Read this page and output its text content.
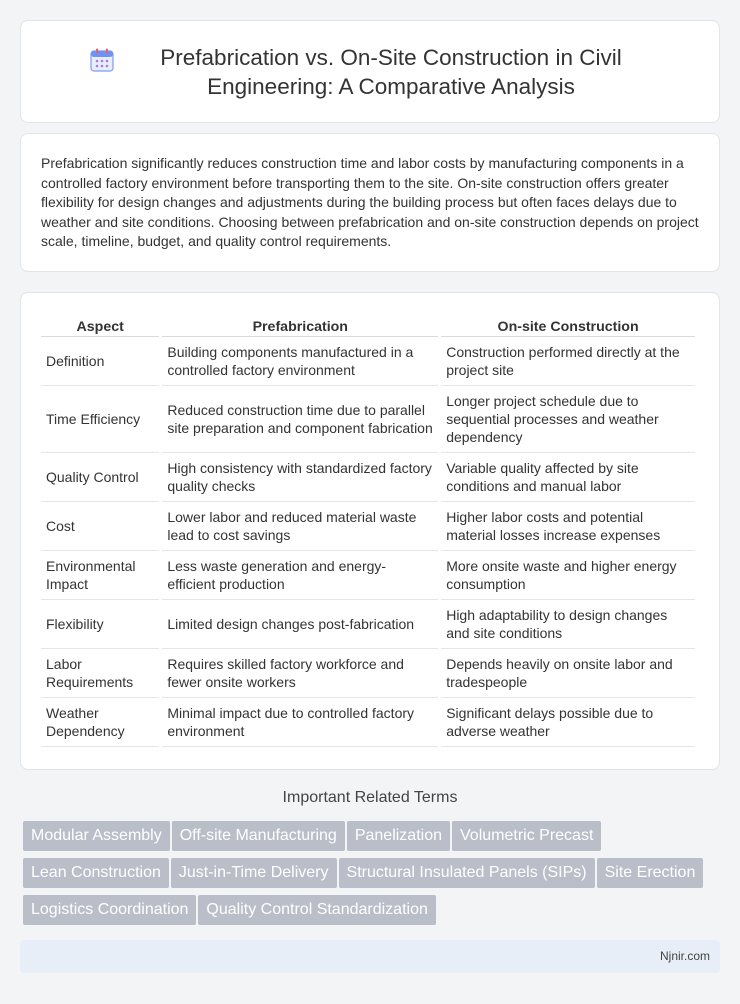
Prefabrication vs. On-Site Construction in Civil Engineering: A Comparative Analysis

Prefabrication significantly reduces construction time and labor costs by manufacturing components in a controlled factory environment before transporting them to the site. On-site construction offers greater flexibility for design changes and adjustments during the building process but often faces delays due to weather and site conditions. Choosing between prefabrication and on-site construction depends on project scale, timeline, budget, and quality control requirements.

Aspect	Prefabrication	On-site Construction
Definition	Building components manufactured in a controlled factory environment	Construction performed directly at the project site
Time Efficiency	Reduced construction time due to parallel site preparation and component fabrication	Longer project schedule due to sequential processes and weather dependency
Quality Control	High consistency with standardized factory quality checks	Variable quality affected by site conditions and manual labor
Cost	Lower labor and reduced material waste lead to cost savings	Higher labor costs and potential material losses increase expenses
Environmental Impact	Less waste generation and energy-efficient production	More onsite waste and higher energy consumption
Flexibility	Limited design changes post-fabrication	High adaptability to design changes and site conditions
Labor Requirements	Requires skilled factory workforce and fewer onsite workers	Depends heavily on onsite labor and tradespeople
Weather Dependency	Minimal impact due to controlled factory environment	Significant delays possible due to adverse weather
Important Related Terms
Modular Assembly Off-site Manufacturing Panelization Volumetric Precast
Lean Construction Just-in-Time Delivery Structural Insulated Panels (SIPs) Site Erection
Logistics Coordination Quality Control Standardization
Njnir.com
